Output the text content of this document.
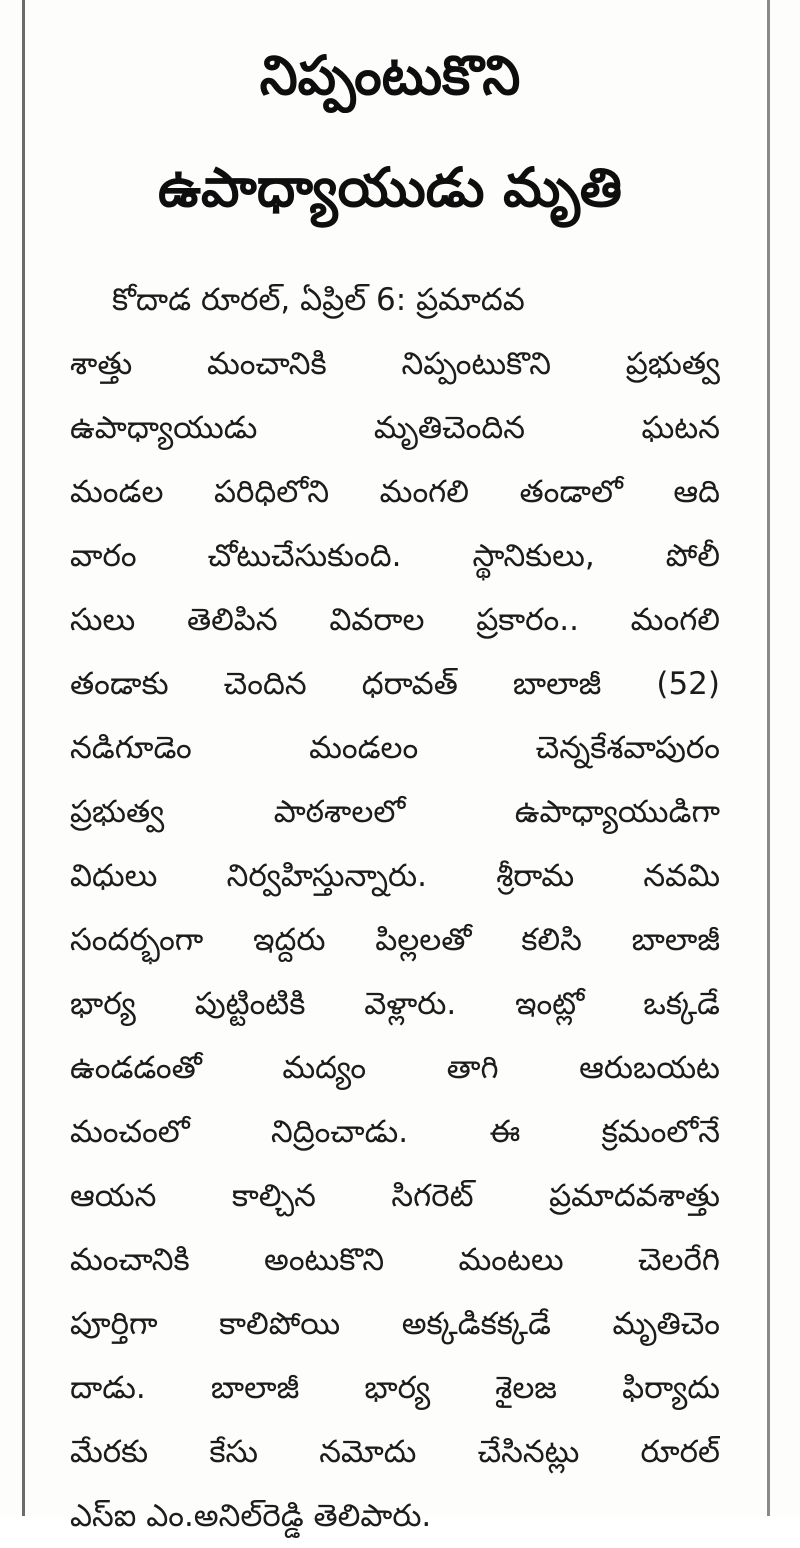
నిప్పంటుకొని
ఉపాధ్యాయుడు మృతి
కోదాడ రూరల్, ఏప్రిల్ 6: ప్రమాదవ
శాత్తు మంచానికి నిప్పంటుకొని ప్రభుత్వ
ఉపాధ్యాయుడు మృతిచెందిన ఘటన
మండల పరిధిలోని మంగలి తండాలో ఆది
వారం చోటుచేసుకుంది. స్థానికులు, పోలీ
సులు తెలిపిన వివరాల ప్రకారం.. మంగలి
తండాకు చెందిన ధరావత్ బాలాజీ (52)
నడిగూడెం మండలం చెన్నకేశవాపురం
ప్రభుత్వ పాఠశాలలో ఉపాధ్యాయుడిగా
విధులు నిర్వహిస్తున్నారు. శ్రీరామ నవమి
సందర్భంగా ఇద్దరు పిల్లలతో కలిసి బాలాజీ
భార్య పుట్టింటికి వెళ్లారు. ఇంట్లో ఒక్కడే
ఉండడంతో మద్యం తాగి ఆరుబయట
మంచంలో నిద్రించాడు. ఈ క్రమంలోనే
ఆయన కాల్చిన సిగరెట్ ప్రమాదవశాత్తు
మంచానికి అంటుకొని మంటలు చెలరేగి
పూర్తిగా కాలిపోయి అక్కడికక్కడే మృతిచెం
దాడు. బాలాజీ భార్య శైలజ ఫిర్యాదు
మేరకు కేసు నమోదు చేసినట్లు రూరల్
ఎస్ఐ ఎం.అనిల్‌రెడ్డి తెలిపారు.
